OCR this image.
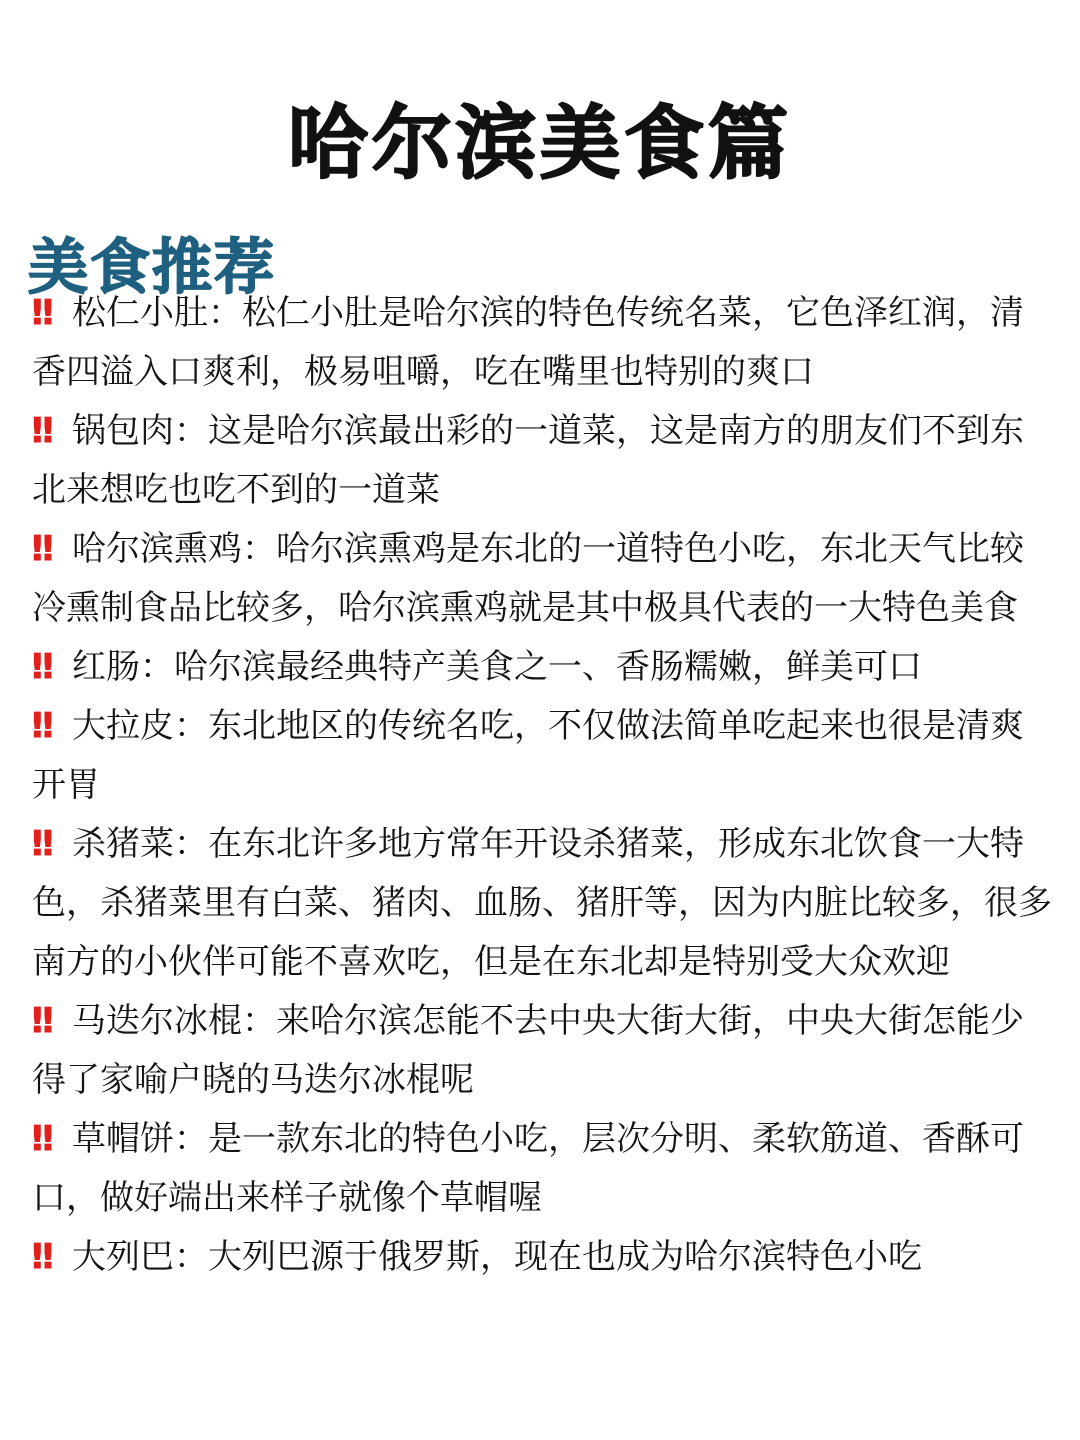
哈尔滨美食篇
美食推荐
‼ 松仁小肚：松仁小肚是哈尔滨的特色传统名菜，它色泽红润，清香四溢入口爽利，极易咀嚼，吃在嘴里也特别的爽口
‼ 锅包肉：这是哈尔滨最出彩的一道菜，这是南方的朋友们不到东北来想吃也吃不到的一道菜
‼ 哈尔滨熏鸡：哈尔滨熏鸡是东北的一道特色小吃，东北天气比较冷熏制食品比较多，哈尔滨熏鸡就是其中极具代表的一大特色美食
‼ 红肠：哈尔滨最经典特产美食之一、香肠糯嫩，鲜美可口
‼ 大拉皮：东北地区的传统名吃，不仅做法简单吃起来也很是清爽开胃
‼ 杀猪菜：在东北许多地方常年开设杀猪菜，形成东北饮食一大特色，杀猪菜里有白菜、猪肉、血肠、猪肝等，因为内脏比较多，很多南方的小伙伴可能不喜欢吃，但是在东北却是特别受大众欢迎
‼ 马迭尔冰棍：来哈尔滨怎能不去中央大街大街，中央大街怎能少得了家喻户晓的马迭尔冰棍呢
‼ 草帽饼：是一款东北的特色小吃，层次分明、柔软筋道、香酥可口，做好端出来样子就像个草帽喔
‼ 大列巴：大列巴源于俄罗斯，现在也成为哈尔滨特色小吃
